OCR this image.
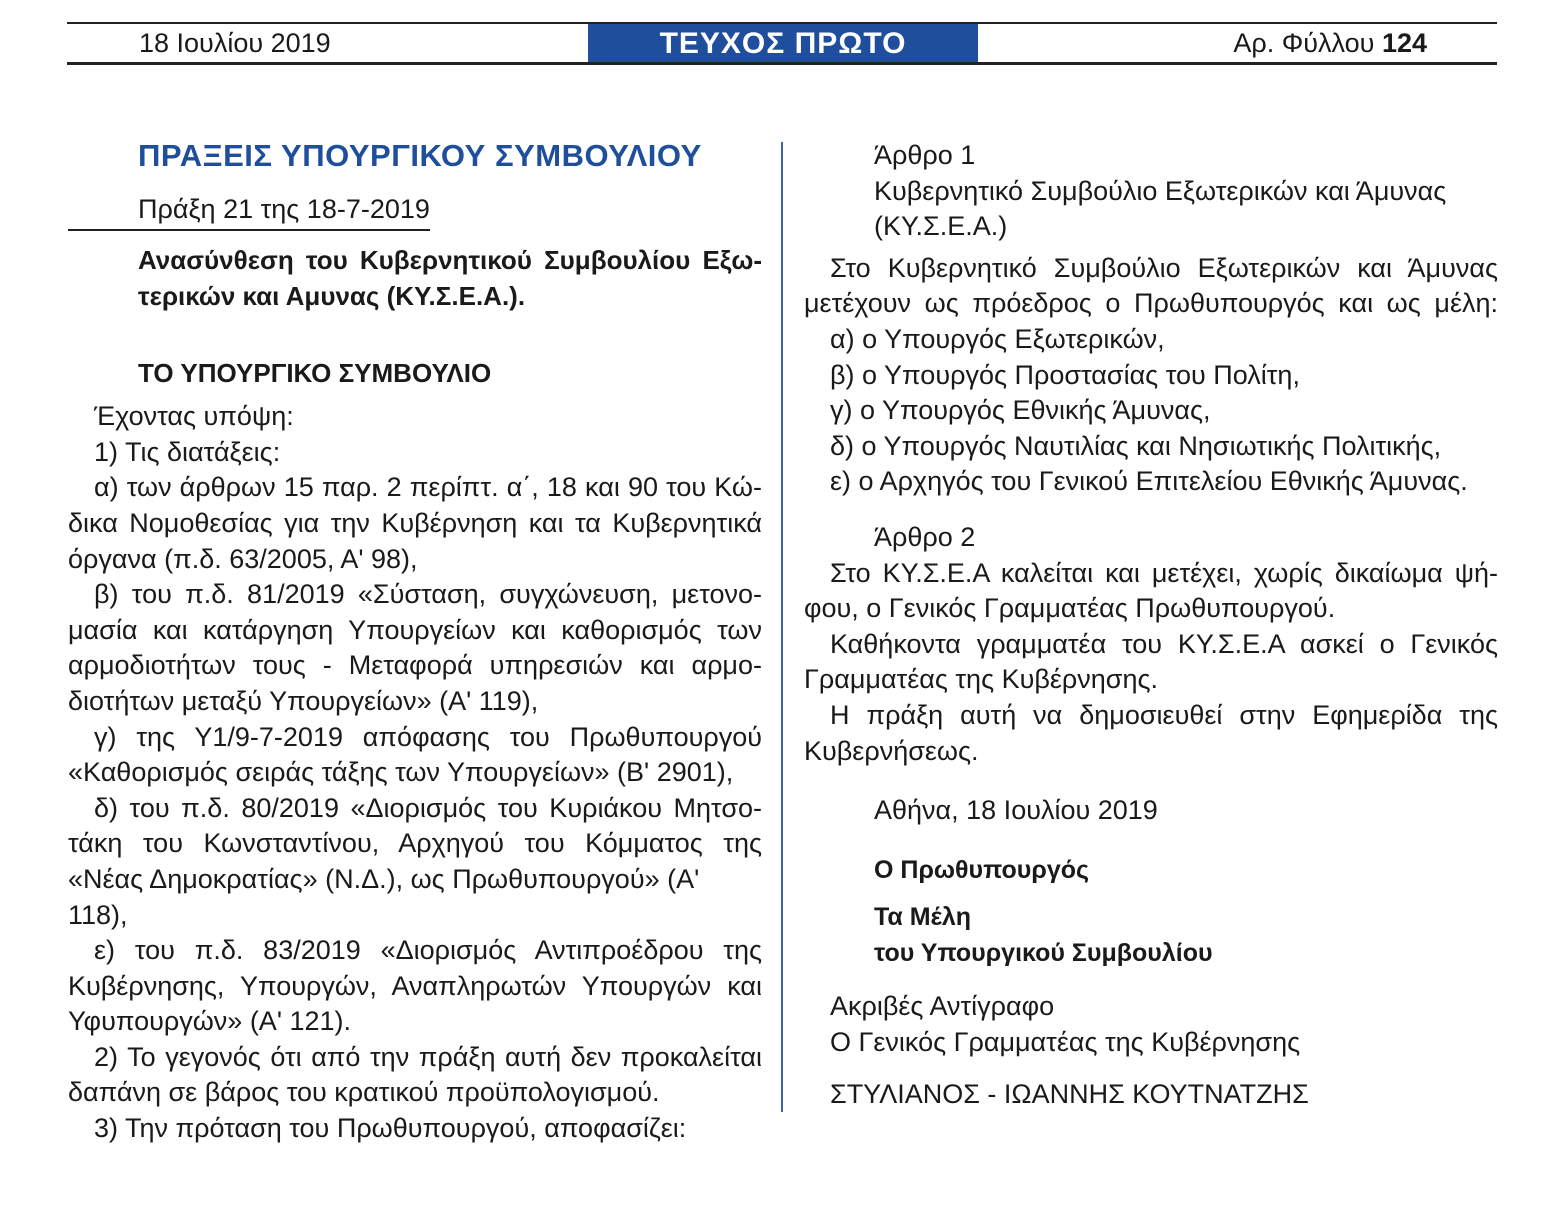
18 Ιουλίου 2019	ΤΕΥΧΟΣ ΠΡΩΤΟ	Αρ. Φύλλου 124
ΠΡΑΞΕΙΣ ΥΠΟΥΡΓΙΚΟΥ ΣΥΜΒΟΥΛΙΟΥ
Πράξη 21 της 18-7-2019
Ανασύνθεση του Κυβερνητικού Συμβουλίου Εξω-
τερικών και Αμυνας (ΚΥ.Σ.Ε.Α.).
ΤΟ ΥΠΟΥΡΓΙΚΟ ΣΥΜΒΟΥΛΙΟ

Έχοντας υπόψη:

1) Τις διατάξεις:

α) των άρθρων 15 παρ. 2 περίπτ. α΄, 18 και 90 του Κώ-

δικα Νομοθεσίας για την Κυβέρνηση και τα Κυβερνητικά

όργανα (π.δ. 63/2005, Α' 98),

β) του π.δ. 81/2019 «Σύσταση, συγχώνευση, μετονο-

μασία και κατάργηση Υπουργείων και καθορισμός των

αρμοδιοτήτων τους - Μεταφορά υπηρεσιών και αρμο-

διοτήτων μεταξύ Υπουργείων» (Α' 119),

γ) της Υ1/9-7-2019 απόφασης του Πρωθυπουργού

«Καθορισμός σειράς τάξης των Υπουργείων» (Β' 2901),

δ) του π.δ. 80/2019 «Διορισμός του Κυριάκου Μητσο-

τάκη του Κωνσταντίνου, Αρχηγού του Κόμματος της

«Νέας Δημοκρατίας» (Ν.Δ.), ως Πρωθυπουργού» (Α' 118),

ε) του π.δ. 83/2019 «Διορισμός Αντιπροέδρου της

Κυβέρνησης, Υπουργών, Αναπληρωτών Υπουργών και

Υφυπουργών» (Α' 121).

2) Το γεγονός ότι από την πράξη αυτή δεν προκαλείται

δαπάνη σε βάρος του κρατικού προϋπολογισμού.

3) Την πρόταση του Πρωθυπουργού, αποφασίζει:

Άρθρο 1

Κυβερνητικό Συμβούλιο Εξωτερικών και Άμυνας

(ΚΥ.Σ.Ε.Α.)

Στο Κυβερνητικό Συμβούλιο Εξωτερικών και Άμυνας

μετέχουν ως πρόεδρος ο Πρωθυπουργός και ως μέλη:

α) ο Υπουργός Εξωτερικών,

β) ο Υπουργός Προστασίας του Πολίτη,

γ) ο Υπουργός Εθνικής Άμυνας,

δ) ο Υπουργός Ναυτιλίας και Νησιωτικής Πολιτικής,

ε) ο Αρχηγός του Γενικού Επιτελείου Εθνικής Άμυνας.

Άρθρο 2

Στο ΚΥ.Σ.Ε.Α καλείται και μετέχει, χωρίς δικαίωμα ψή-

φου, ο Γενικός Γραμματέας Πρωθυπουργού.

Καθήκοντα γραμματέα του ΚΥ.Σ.Ε.Α ασκεί ο Γενικός

Γραμματέας της Κυβέρνησης.

Η πράξη αυτή να δημοσιευθεί στην Εφημερίδα της

Κυβερνήσεως.

Αθήνα, 18 Ιουλίου 2019

Ο Πρωθυπουργός

Τα Μέλη

του Υπουργικού Συμβουλίου

Ακριβές Αντίγραφο

Ο Γενικός Γραμματέας της Κυβέρνησης

ΣΤΥΛΙΑΝΟΣ - ΙΩΑΝΝΗΣ ΚΟΥΤΝΑΤΖΗΣ
